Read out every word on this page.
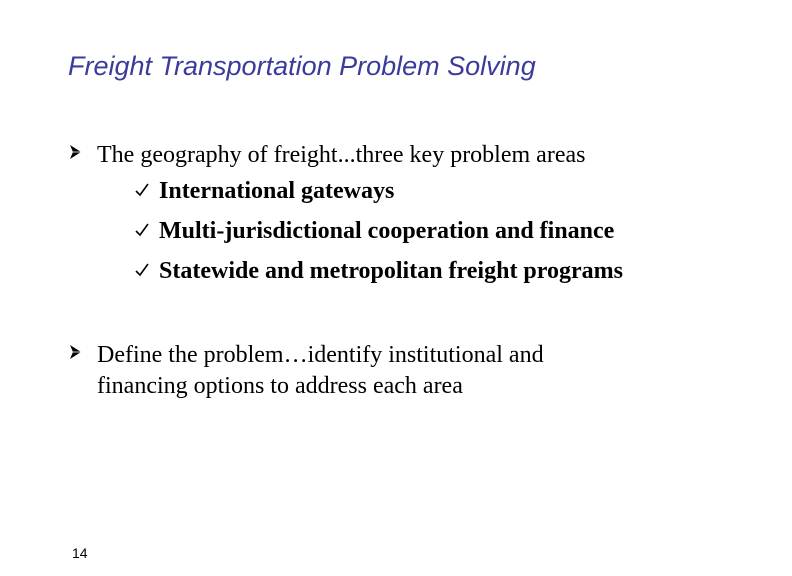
Freight Transportation Problem Solving
The geography of freight...three key problem areas
International gateways
Multi-jurisdictional cooperation and finance
Statewide and metropolitan freight programs
Define the problem…identify institutional and
financing options to address each area
14
